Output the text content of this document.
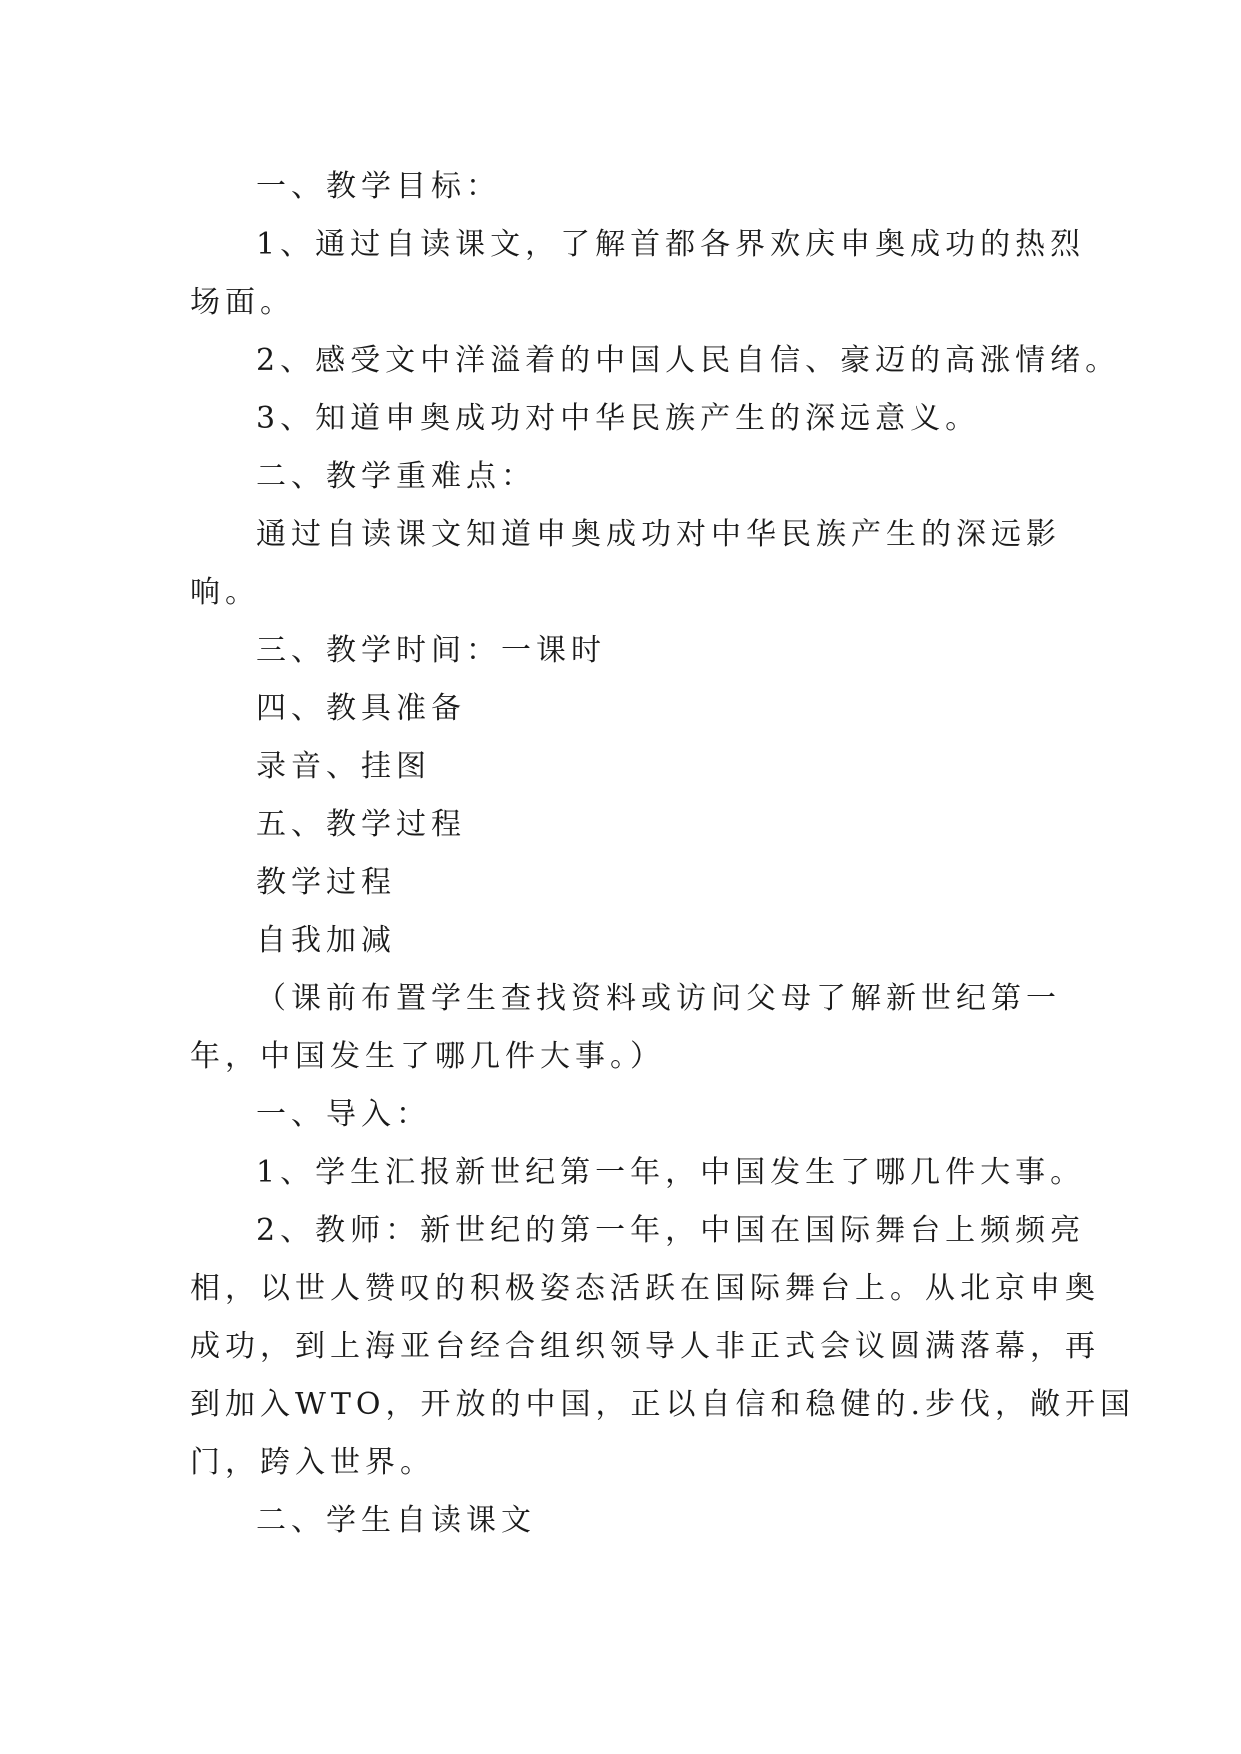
一、教学目标：

1、通过自读课文，了解首都各界欢庆申奥成功的热烈

场面。

2、感受文中洋溢着的中国人民自信、豪迈的高涨情绪。

3、知道申奥成功对中华民族产生的深远意义。

二、教学重难点：

通过自读课文知道申奥成功对中华民族产生的深远影

响。

三、教学时间：一课时

四、教具准备

录音、挂图

五、教学过程

教学过程

自我加减

（课前布置学生查找资料或访问父母了解新世纪第一

年，中国发生了哪几件大事。）

一、导入：

1、学生汇报新世纪第一年，中国发生了哪几件大事。

2、教师：新世纪的第一年，中国在国际舞台上频频亮

相，以世人赞叹的积极姿态活跃在国际舞台上。从北京申奥

成功，到上海亚台经合组织领导人非正式会议圆满落幕，再

到加入WTO，开放的中国，正以自信和稳健的.步伐，敞开国

门，跨入世界。

二、学生自读课文
